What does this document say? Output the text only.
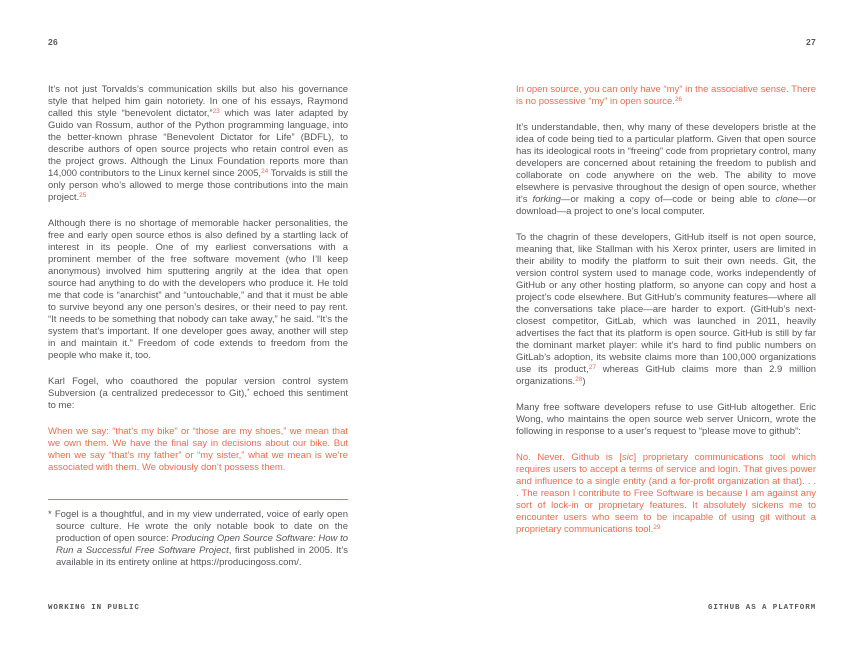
26

It’s not just Torvalds’s communication skills but also his governance style that helped him gain notoriety. In one of his essays, Raymond called this style “benevolent dictator,”$^{23}$ which was later adapted by Guido van Rossum, author of the Python programming language, into the better-known phrase “Benevolent Dictator for Life” (BDFL), to describe authors of open source projects who retain control even as the project grows. Although the Linux Foundation reports more than 14,000 contributors to the Linux kernel since 2005,24 Torvalds is still the only person who’s allowed to merge those contributions into the main project.$^{25}$

Although there is no shortage of memorable hacker personalities, the free and early open source ethos is also defined by a startling lack of interest in its people. One of my earliest conversations with a prominent member of the free software movement (who I’ll keep anonymous) involved him sputtering angrily at the idea that open source had anything to do with the developers who produce it. He told me that code is “anarchist” and “untouchable,” and that it must be able to survive beyond any one person’s desires, or their need to pay rent. “It needs to be something that nobody can take away,” he said. “It’s the system that’s important. If one developer goes away, another will step in and maintain it.” Freedom of code extends to freedom from the people who make it, too.

Karl Fogel, who coauthored the popular version control system Subversion (a centralized predecessor to Git),* echoed this sentiment to me:

When we say: “that’s my bike” or “those are my shoes,” we mean that we own them. We have the final say in decisions about our bike. But when we say “that’s my father” or “my sister,” what we mean is we’re associated with them. We obviously don’t possess them.

* Fogel is a thoughtful, and in my view underrated, voice of early open source culture. He wrote the only notable book to date on the production of open source: Producing Open Source Software: How to Run a Successful Free Software Project, first published in 2005. It’s available in its entirety online at https://producingoss.com/.

WORKING IN PUBLIC
27

In open source, you can only have “my” in the associative sense. There is no possessive “my” in open source.$^{26}$

It’s understandable, then, why many of these developers bristle at the idea of code being tied to a particular platform. Given that open source has its ideological roots in “freeing” code from proprietary control, many developers are concerned about retaining the freedom to publish and collaborate on code anywhere on the web. The ability to move elsewhere is pervasive throughout the design of open source, whether it’s forking—or making a copy of—code or being able to clone—or download—a project to one’s local computer.

To the chagrin of these developers, GitHub itself is not open source, meaning that, like Stallman with his Xerox printer, users are limited in their ability to modify the platform to suit their own needs. Git, the version control system used to manage code, works independently of GitHub or any other hosting platform, so anyone can copy and host a project’s code elsewhere. But GitHub’s community features—where all the conversations take place—are harder to export. (GitHub’s next-closest competitor, GitLab, which was launched in 2011, heavily advertises the fact that its platform is open source. GitHub is still by far the dominant market player: while it’s hard to find public numbers on GitLab’s adoption, its website claims more than 100,000 organizations use its product,$^{27}$ whereas GitHub claims more than 2.9 million organizations.$^{28}$)

Many free software developers refuse to use GitHub altogether. Eric Wong, who maintains the open source web server Unicorn, wrote the following in response to a user’s request to “please move to github”:

No. Never. Github is [sic] proprietary communications tool which requires users to accept a terms of service and login. That gives power and influence to a single entity (and a for-profit organization at that). . . . The reason I contribute to Free Software is because I am against any sort of lock-in or proprietary features. It absolutely sickens me to encounter users who seem to be incapable of using git without a proprietary communications tool.$^{29}$

GITHUB AS A PLATFORM
